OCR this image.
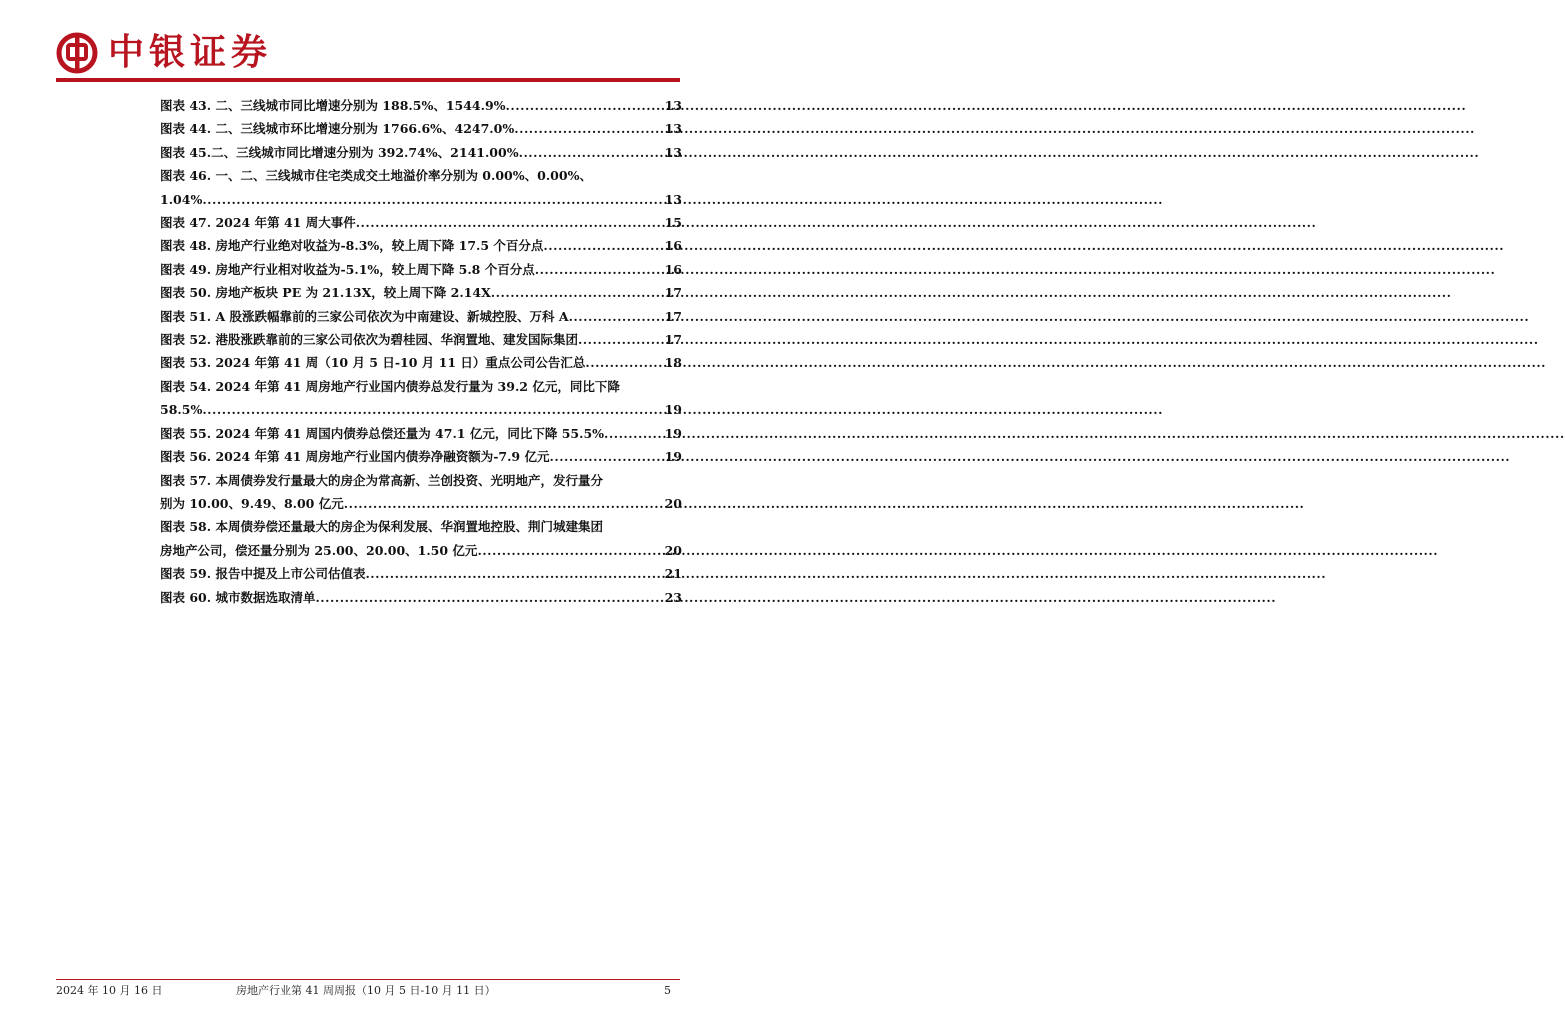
中银证券
图表 43. 二、三线城市同比增速分别为 188.5%、1544.9% .....	13
图表 44. 二、三线城市环比增速分别为 1766.6%、4247.0% .....	13
图表 45.二、三线城市同比增速分别为 392.74%、2141.00% .....	13
图表 46. 一、二、三线城市住宅类成交土地溢价率分别为 0.00%、0.00%、
1.04% .....	13
图表 47. 2024 年第 41 周大事件 .....	15
图表 48. 房地产行业绝对收益为-8.3%，较上周下降 17.5 个百分点 .....	16
图表 49. 房地产行业相对收益为-5.1%，较上周下降 5.8 个百分点 .....	16
图表 50. 房地产板块 PE 为 21.13X，较上周下降 2.14X .....	17
图表 51. A 股涨跌幅靠前的三家公司依次为中南建设、新城控股、万科 A .....	17
图表 52. 港股涨跌靠前的三家公司依次为碧桂园、华润置地、建发国际集团 .....	17
图表 53. 2024 年第 41 周（10 月 5 日-10 月 11 日）重点公司公告汇总 .....	18
图表 54. 2024 年第 41 周房地产行业国内债券总发行量为 39.2 亿元，同比下降
58.5% .....	19
图表 55. 2024 年第 41 周国内债券总偿还量为 47.1 亿元，同比下降 55.5% .....	19
图表 56. 2024 年第 41 周房地产行业国内债券净融资额为-7.9 亿元 .....	19
图表 57. 本周债券发行量最大的房企为常高新、兰创投资、光明地产，发行量分
别为 10.00、9.49、8.00 亿元 .....	20
图表 58. 本周债券偿还量最大的房企为保利发展、华润置地控股、荆门城建集团
房地产公司，偿还量分别为 25.00、20.00、1.50 亿元 .....	20
图表 59. 报告中提及上市公司估值表 .....	21
图表 60. 城市数据选取清单 .....	23
2024 年 10 月 16 日	房地产行业第 41 周周报（10 月 5 日-10 月 11 日）	5
